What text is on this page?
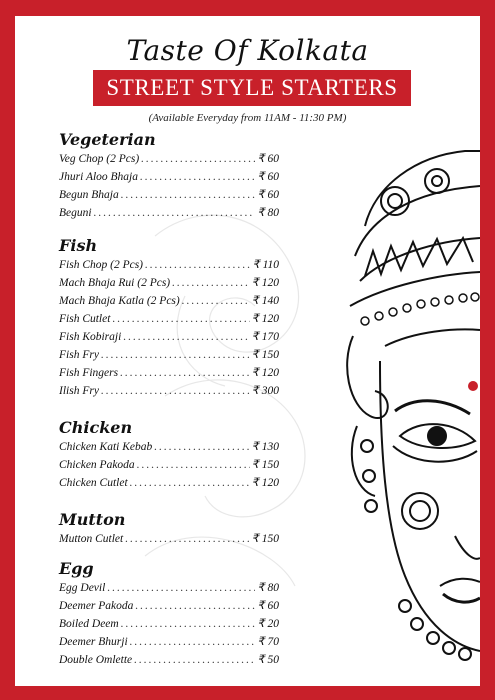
Taste Of Kolkata
STREET STYLE STARTERS
(Available Everyday from 11AM - 11:30 PM)
Vegeterian
Veg Chop (2 Pcs) .....	₹ 60
Jhuri Aloo Bhaja .....	₹ 60
Begun Bhaja .....	₹ 60
Beguni .....	₹ 80
Fish
Fish Chop (2 Pcs) .....	₹ 110
Mach Bhaja Rui (2 Pcs) .....	₹ 120
Mach Bhaja Katla (2 Pcs) .....	₹ 140
Fish Cutlet .....	₹ 120
Fish Kobiraji .....	₹ 170
Fish Fry .....	₹ 150
Fish Fingers .....	₹ 120
Ilish Fry .....	₹ 300
Chicken
Chicken Kati Kebab .....	₹ 130
Chicken Pakoda .....	₹ 150
Chicken Cutlet .....	₹ 120
Mutton
Mutton Cutlet .....	₹ 150
Egg
Egg Devil .....	₹ 80
Deemer Pakoda .....	₹ 60
Boiled Deem .....	₹ 20
Deemer Bhurji .....	₹ 70
Double Omlette .....	₹ 50
